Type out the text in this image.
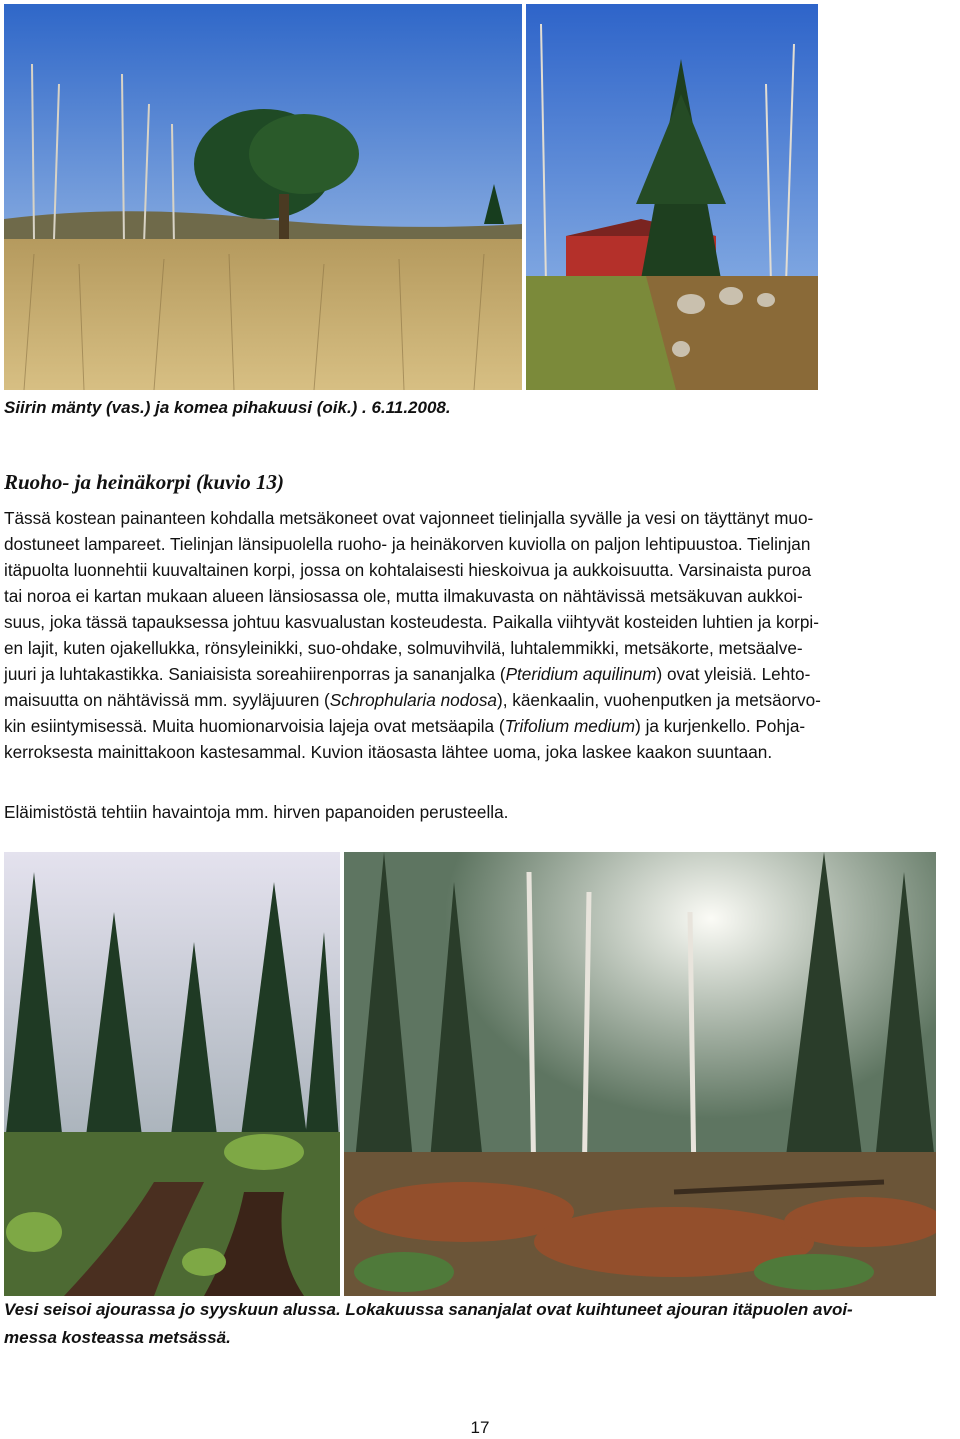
Siirin mänty (vas.) ja komea pihakuusi (oik.) . 6.11.2008.
Ruoho- ja heinäkorpi (kuvio 13)
Tässä kostean painanteen kohdalla metsäkoneet ovat vajonneet tielinjalla syvälle ja vesi on täyttänyt muo-
dostuneet lampareet. Tielinjan länsipuolella ruoho- ja heinäkorven kuviolla on paljon lehtipuustoa. Tielinjan
itäpuolta luonnehtii kuuvaltainen korpi, jossa on kohtalaisesti hieskoivua ja aukkoisuutta. Varsinaista puroa
tai noroa ei kartan mukaan alueen länsiosassa ole, mutta ilmakuvasta on nähtävissä metsäkuvan aukkoi-
suus, joka tässä tapauksessa johtuu kasvualustan kosteudesta. Paikalla viihtyvät kosteiden luhtien ja korpi-
en lajit, kuten ojakellukka, rönsyleinikki, suo-ohdake, solmuvihvilä, luhtalemmikki, metsäkorte, metsäalve-
juuri ja luhtakastikka. Saniaisista soreahiirenporras ja sananjalka (Pteridium aquilinum) ovat yleisiä. Lehto-
maisuutta on nähtävissä mm. syyläjuuren (Schrophularia nodosa), käenkaalin, vuohenputken ja metsäorvo-
kin esiintymisessä. Muita huomionarvoisia lajeja ovat metsäapila (Trifolium medium) ja kurjenkello. Pohja-
kerroksesta mainittakoon kastesammal. Kuvion itäosasta lähtee uoma, joka laskee kaakon suuntaan.
Eläimistöstä tehtiin havaintoja mm. hirven papanoiden perusteella.
Vesi seisoi ajourassa jo syyskuun alussa. Lokakuussa sananjalat ovat kuihtuneet ajouran itäpuolen avoi-
messa kosteassa metsässä.
17
